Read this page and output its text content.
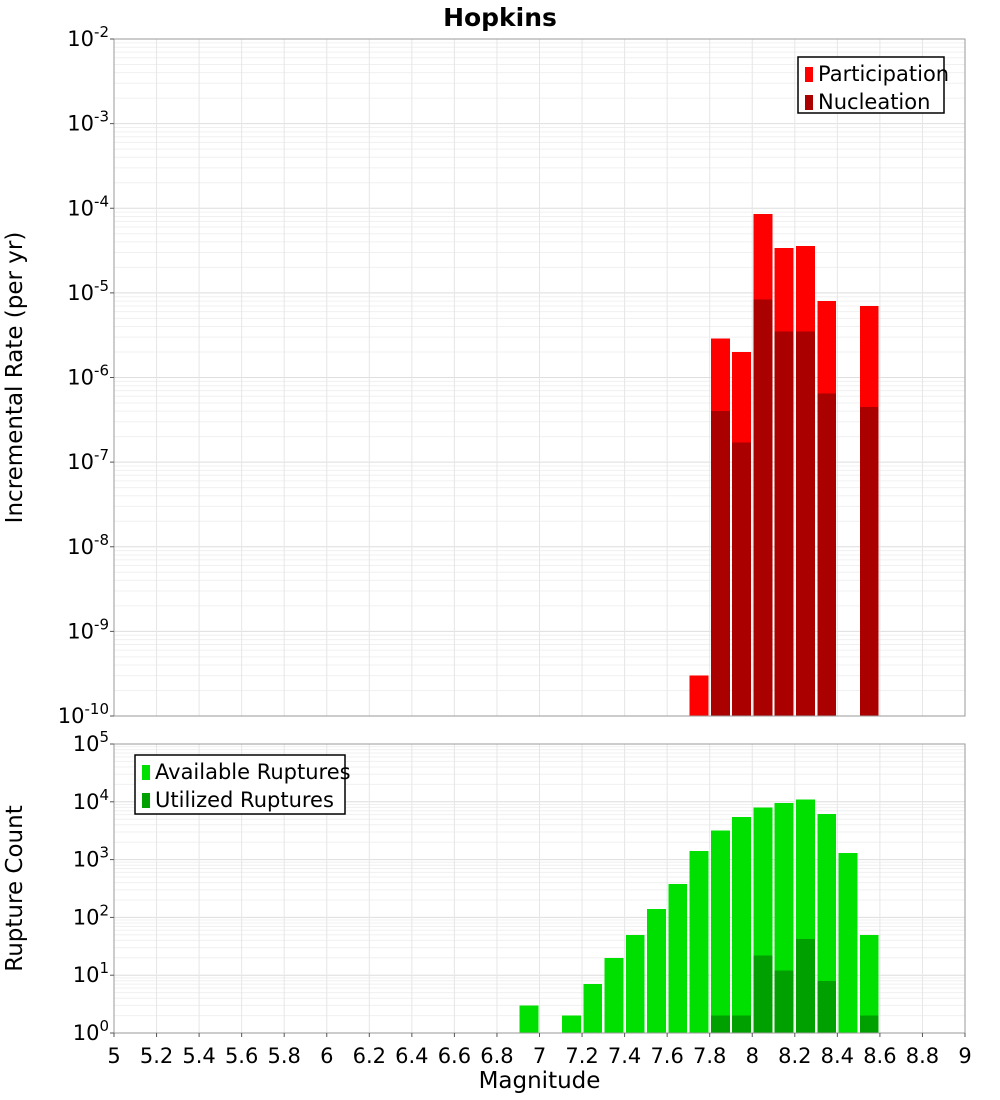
$10^{-2}$
$10^{-3}$
$10^{-4}$
$10^{-5}$
$10^{-6}$
$10^{-7}$
$10^{-8}$
$10^{-9}$
$10^{-10}$
Incremental Rate (per yr)
Participation
Nucleation
$10^5$
$10^4$
$10^3$
$10^2$
$10^1$
$10^0$
5 5.2 5.4 5.6 5.8 6 6.2 6.4 6.6 6.8 7 7.2 7.4 7.6 7.8 8 8.2 8.4 8.6 8.8 9
Magnitude
Rupture Count
Available Ruptures
Utilized Ruptures
Hopkins
